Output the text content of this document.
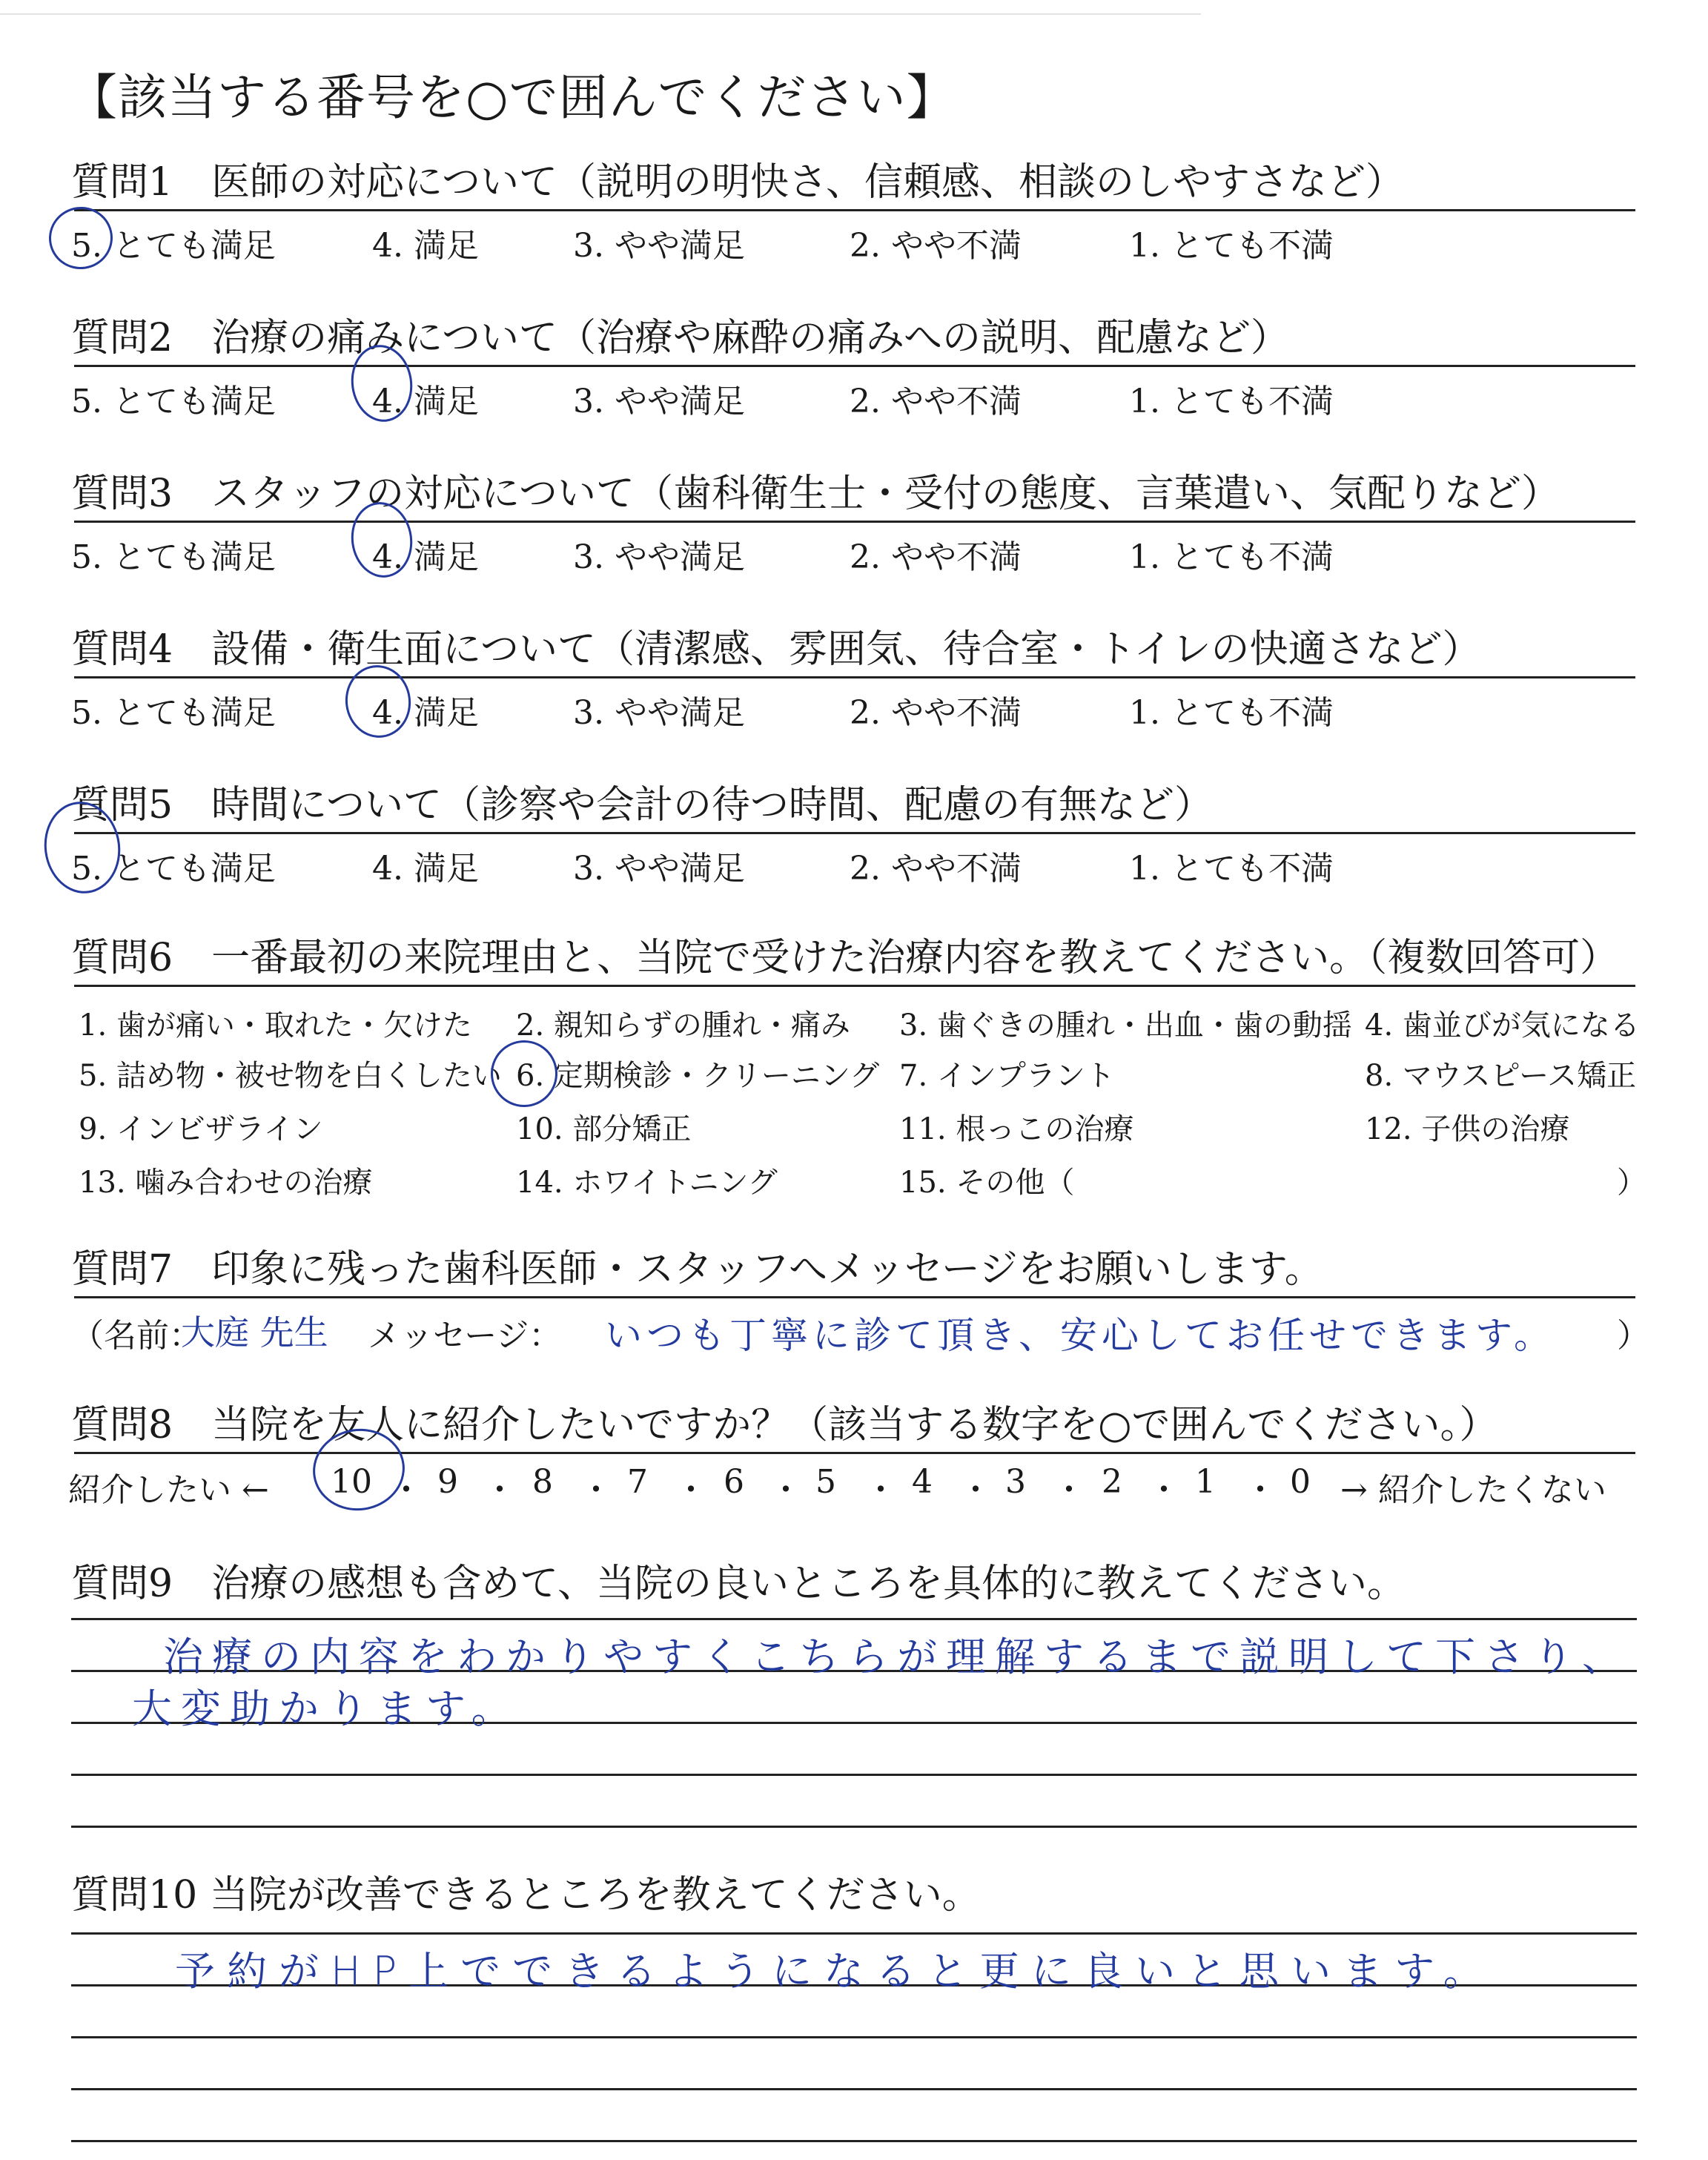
【該当する番号を○で囲んでください】
質問1　医師の対応について（説明の明快さ、信頼感、相談のしやすさなど）
5. とても満足	4. 満足	3. やや満足	2. やや不満	1. とても不満
質問2　治療の痛みについて（治療や麻酔の痛みへの説明、配慮など）
5. とても満足	4. 満足	3. やや満足	2. やや不満	1. とても不満
質問3　スタッフの対応について（歯科衛生士・受付の態度、言葉遣い、気配りなど）
5. とても満足	4. 満足	3. やや満足	2. やや不満	1. とても不満
質問4　設備・衛生面について（清潔感、雰囲気、待合室・トイレの快適さなど）
5. とても満足	4. 満足	3. やや満足	2. やや不満	1. とても不満
質問5　時間について（診察や会計の待つ時間、配慮の有無など）
5. とても満足	4. 満足	3. やや満足	2. やや不満	1. とても不満
質問6　一番最初の来院理由と、当院で受けた治療内容を教えてください。（複数回答可）
1. 歯が痛い・取れた・欠けた 2. 親知らずの腫れ・痛み 3. 歯ぐきの腫れ・出血・歯の動揺 4. 歯並びが気になる
5. 詰め物・被せ物を白くしたい 6. 定期検診・クリーニング 7. インプラント	8. マウスピース矯正
9. インビザライン	10. 部分矯正	11. 根っこの治療	12. 子供の治療
13. 噛み合わせの治療	14. ホワイトニング	15. その他（	）
質問7　印象に残った歯科医師・スタッフへメッセージをお願いします。
（名前：
大庭 先生 メッセージ： いつも丁寧に診て頂き、安心してお任せできます。 ）
質問8　当院を友人に紹介したいですか？（該当する数字を○で囲んでください。）
紹介したい ← 10 ・ 9 ・ 8 ・ 7 ・ 6 ・ 5 ・ 4 ・ 3 ・ 2 ・ 1 ・ 0 → 紹介したくない
質問9　治療の感想も含めて、当院の良いところを具体的に教えてください。
治療の内容をわかりやすくこちらが理解するまで説明して下さり、
大変助かります。
質問10 当院が改善できるところを教えてください。
予約がHP上でできるようになると更に良いと思います。
